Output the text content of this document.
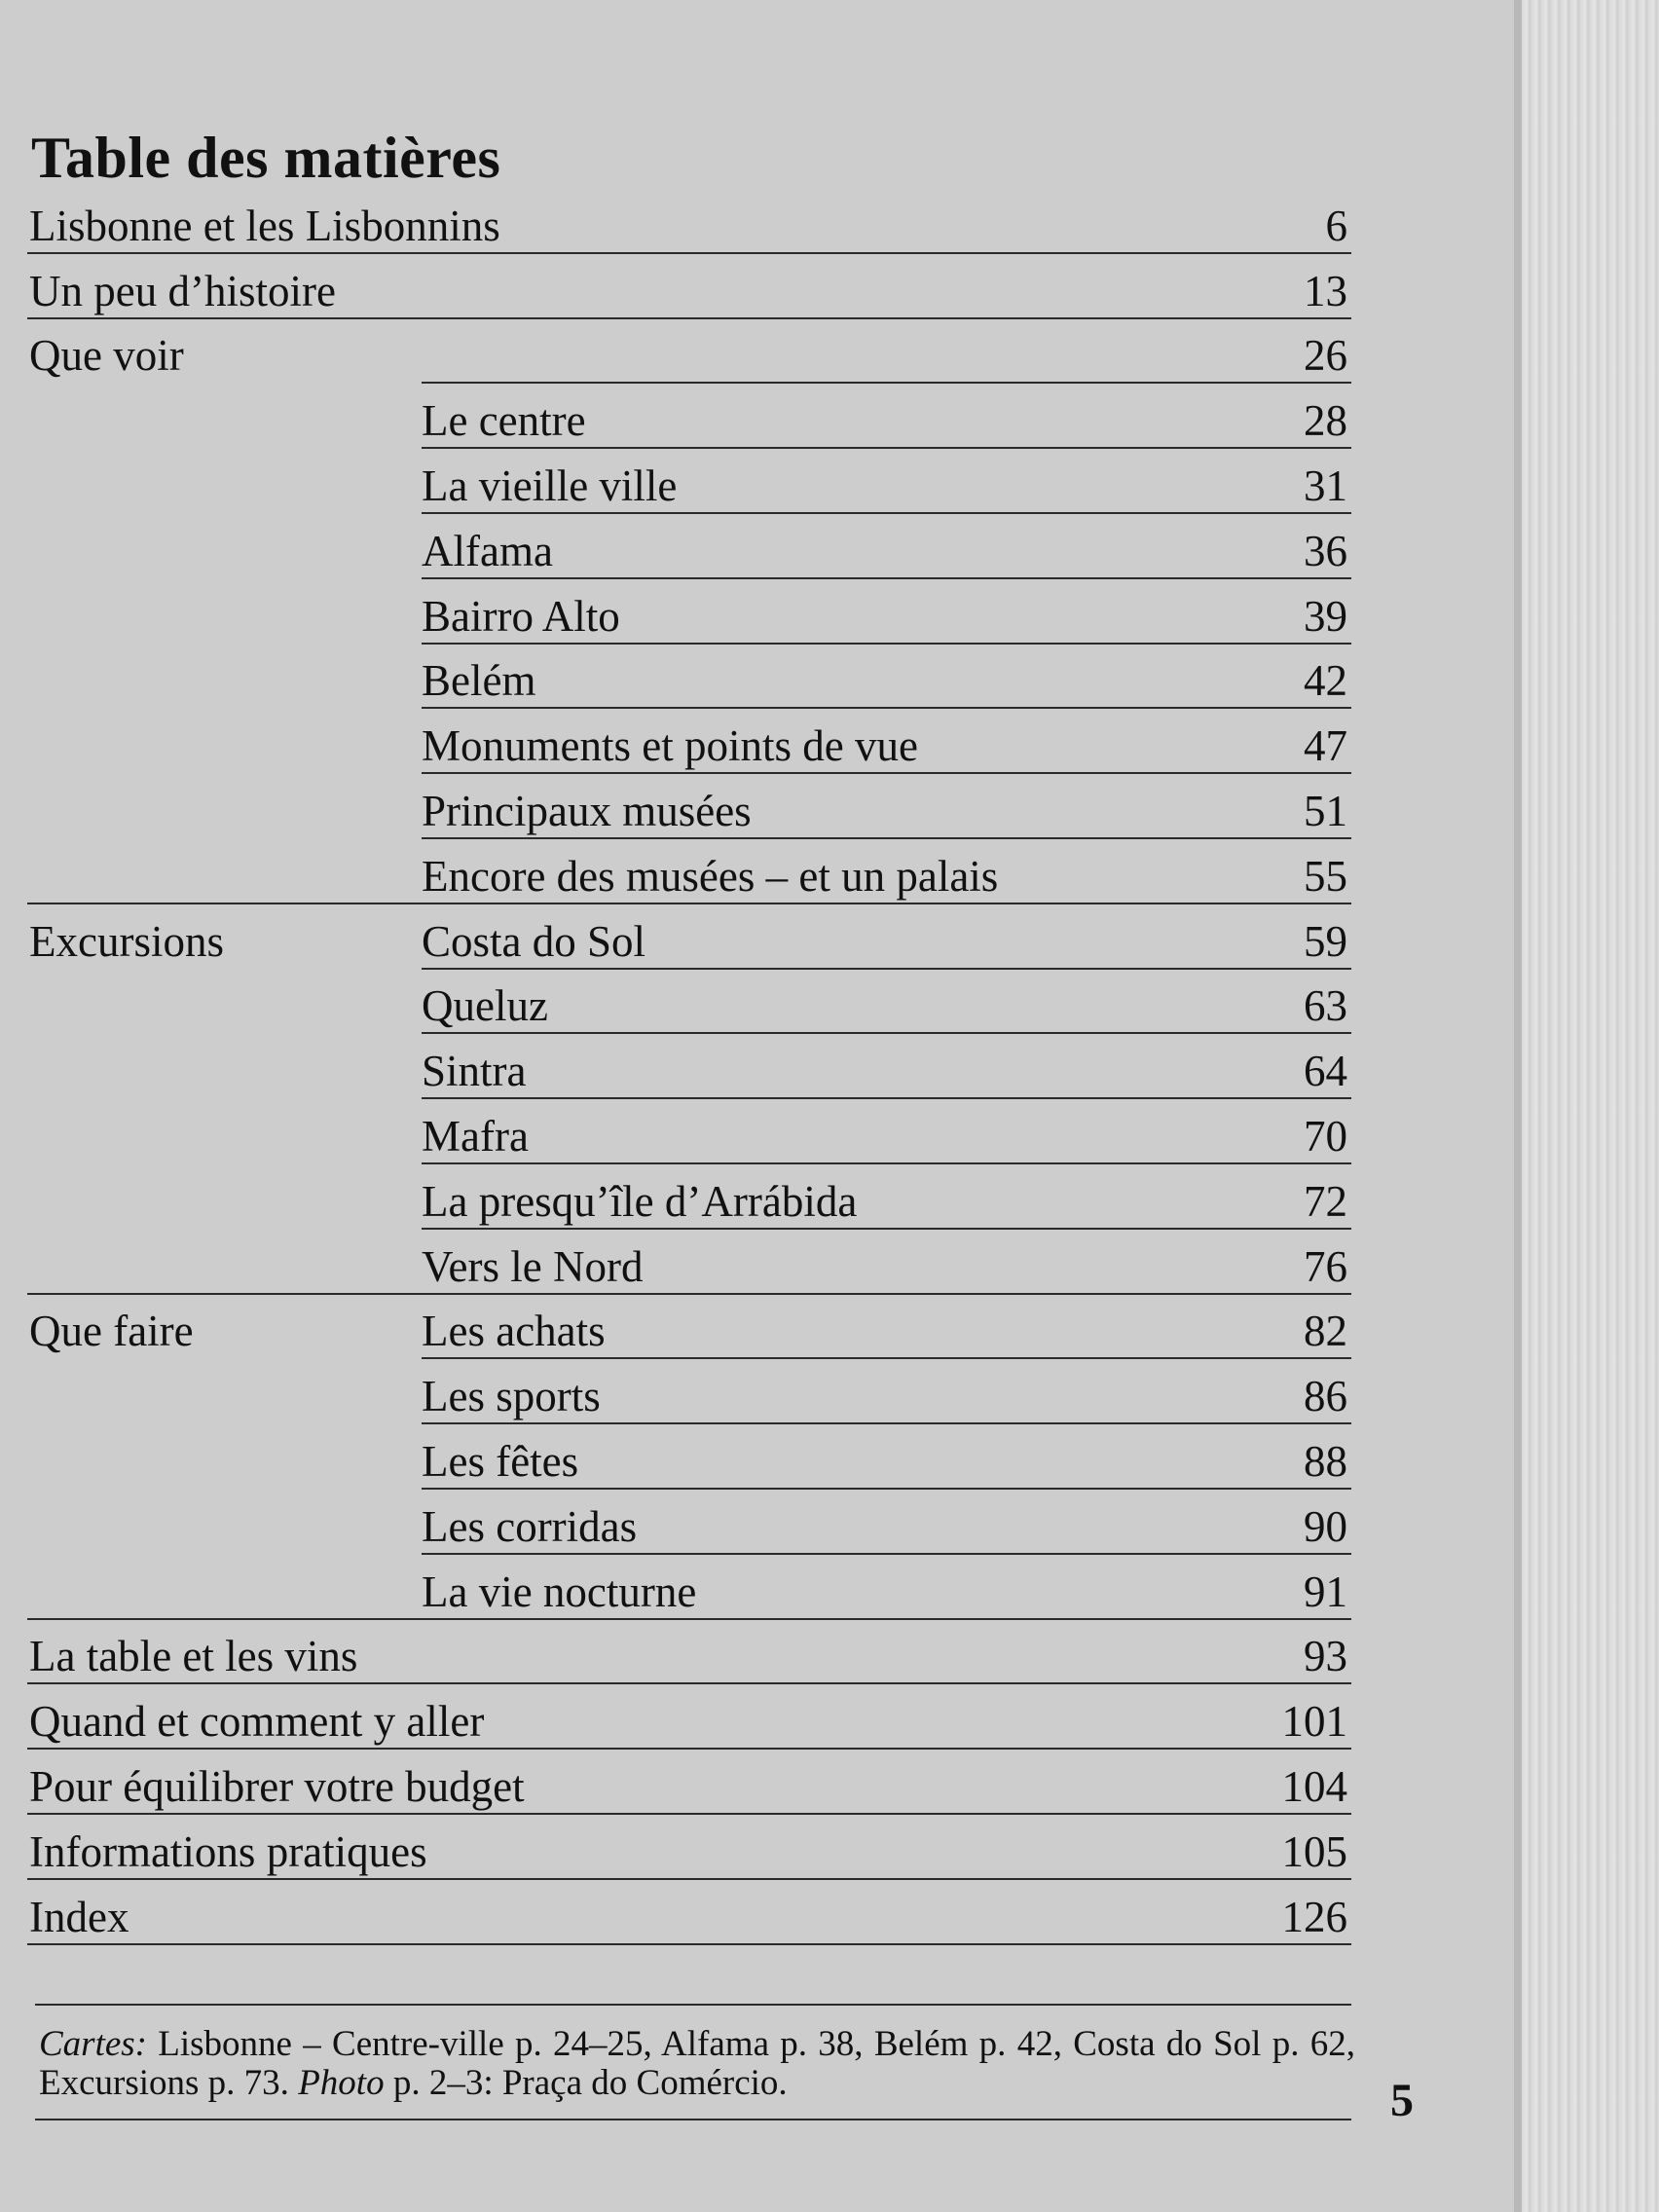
Table des matières
Lisbonne et les Lisbonnins	6
Un peu d’histoire	13
Que voir	26
Le centre	28
La vieille ville	31
Alfama	36
Bairro Alto	39
Belém	42
Monuments et points de vue	47
Principaux musées	51
Encore des musées – et un palais	55
Excursions	Costa do Sol	59
Queluz	63
Sintra	64
Mafra	70
La presqu’île d’Arrábida	72
Vers le Nord	76
Que faire	Les achats	82
Les sports	86
Les fêtes	88
Les corridas	90
La vie nocturne	91
La table et les vins	93
Quand et comment y aller	101
Pour équilibrer votre budget	104
Informations pratiques	105
Index	126
Cartes: Lisbonne – Centre-ville p. 24–25, Alfama p. 38, Belém p. 42, Costa do Sol p. 62, Excursions p. 73. Photo p. 2–3: Praça do Comércio.	5
